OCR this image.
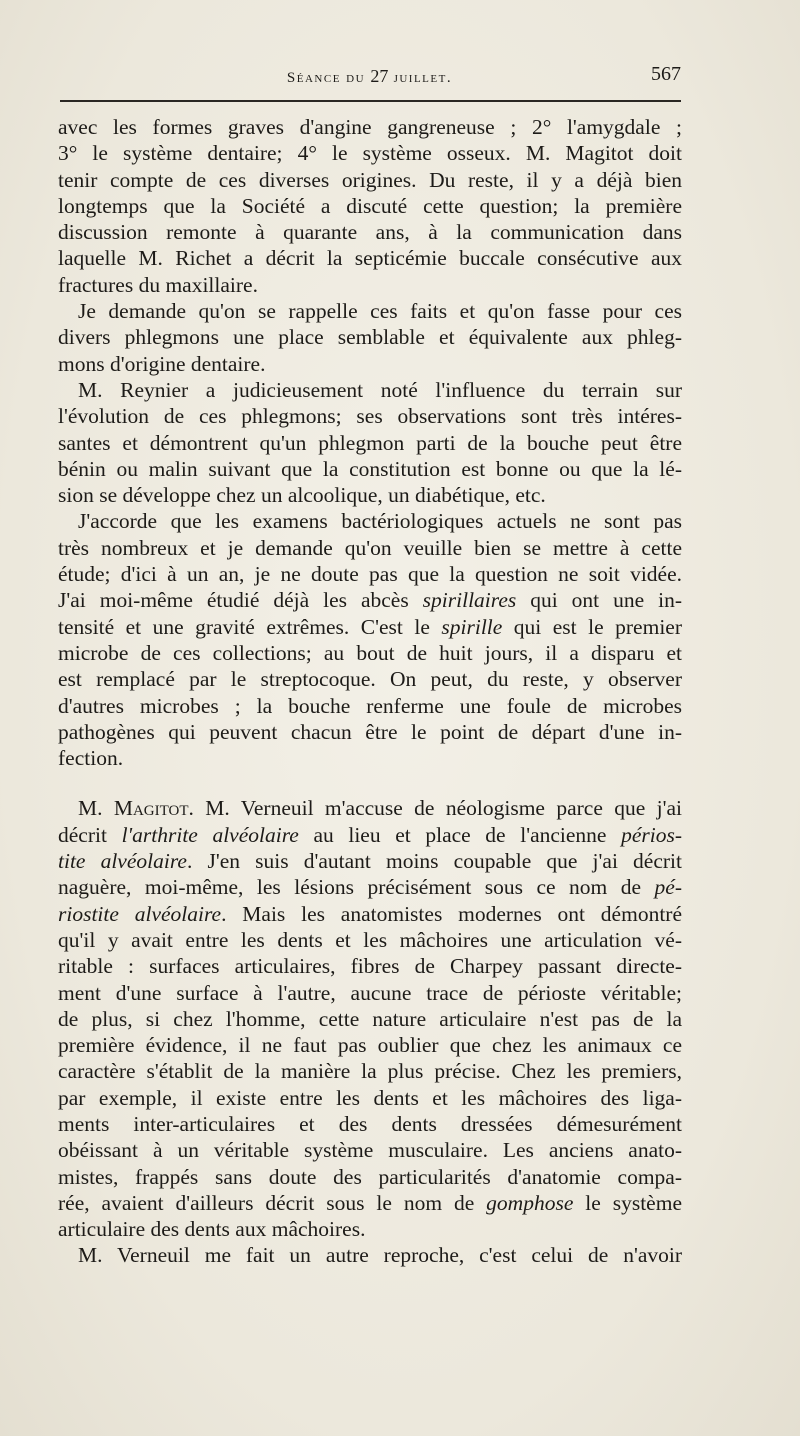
Séance du 27 juillet.	567
avec les formes graves d'angine gangreneuse ; 2° l'amygdale ;
3° le système dentaire; 4° le système osseux. M. Magitot doit
tenir compte de ces diverses origines. Du reste, il y a déjà bien
longtemps que la Société a discuté cette question; la première
discussion remonte à quarante ans, à la communication dans
laquelle M. Richet a décrit la septicémie buccale consécutive aux
fractures du maxillaire.
Je demande qu'on se rappelle ces faits et qu'on fasse pour ces
divers phlegmons une place semblable et équivalente aux phleg-
mons d'origine dentaire.
M. Reynier a judicieusement noté l'influence du terrain sur
l'évolution de ces phlegmons; ses observations sont très intéres-
santes et démontrent qu'un phlegmon parti de la bouche peut être
bénin ou malin suivant que la constitution est bonne ou que la lé-
sion se développe chez un alcoolique, un diabétique, etc.
J'accorde que les examens bactériologiques actuels ne sont pas
très nombreux et je demande qu'on veuille bien se mettre à cette
étude; d'ici à un an, je ne doute pas que la question ne soit vidée.
J'ai moi-même étudié déjà les abcès spirillaires qui ont une in-
tensité et une gravité extrêmes. C'est le spirille qui est le premier
microbe de ces collections; au bout de huit jours, il a disparu et
est remplacé par le streptocoque. On peut, du reste, y observer
d'autres microbes ; la bouche renferme une foule de microbes
pathogènes qui peuvent chacun être le point de départ d'une in-
fection.
M. Magitot. M. Verneuil m'accuse de néologisme parce que j'ai
décrit l'arthrite alvéolaire au lieu et place de l'ancienne périos-
tite alvéolaire. J'en suis d'autant moins coupable que j'ai décrit
naguère, moi-même, les lésions précisément sous ce nom de pé-
riostite alvéolaire. Mais les anatomistes modernes ont démontré
qu'il y avait entre les dents et les mâchoires une articulation vé-
ritable : surfaces articulaires, fibres de Charpey passant directe-
ment d'une surface à l'autre, aucune trace de périoste véritable;
de plus, si chez l'homme, cette nature articulaire n'est pas de la
première évidence, il ne faut pas oublier que chez les animaux ce
caractère s'établit de la manière la plus précise. Chez les premiers,
par exemple, il existe entre les dents et les mâchoires des liga-
ments inter-articulaires et des dents dressées démesurément
obéissant à un véritable système musculaire. Les anciens anato-
mistes, frappés sans doute des particularités d'anatomie compa-
rée, avaient d'ailleurs décrit sous le nom de gomphose le système
articulaire des dents aux mâchoires.
M. Verneuil me fait un autre reproche, c'est celui de n'avoir
